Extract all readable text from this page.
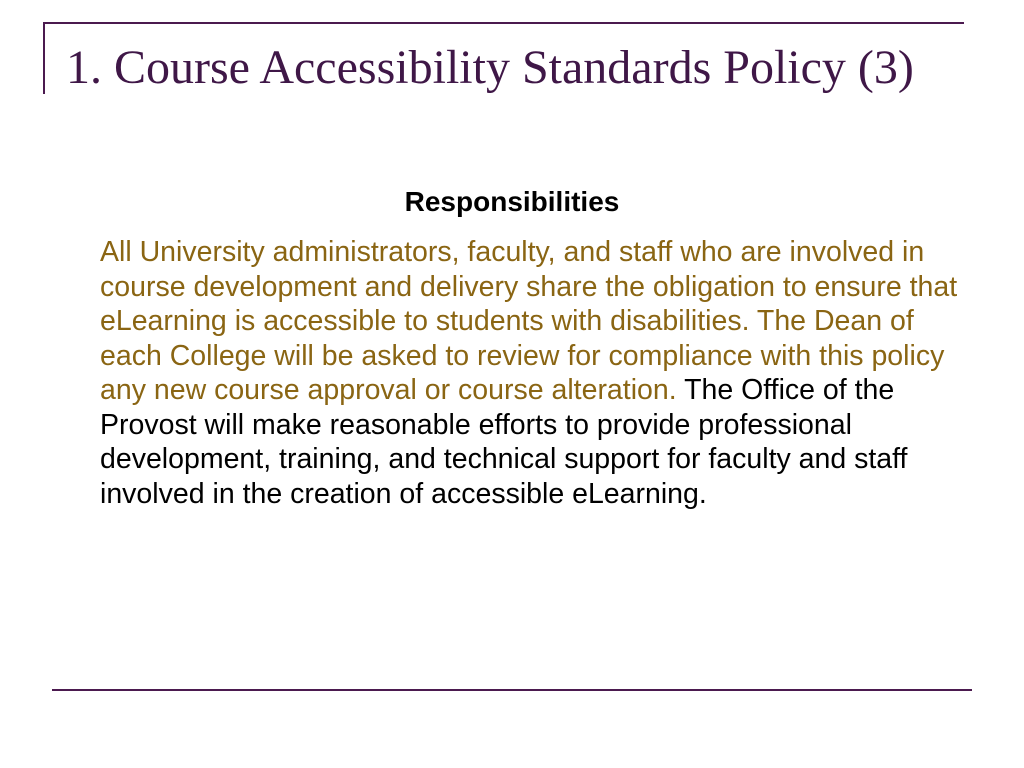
1. Course Accessibility Standards Policy (3)
Responsibilities

All University administrators, faculty, and staff who are involved in course development and delivery share the obligation to ensure that eLearning is accessible to students with disabilities. The Dean of each College will be asked to review for compliance with this policy any new course approval or course alteration. The Office of the Provost will make reasonable efforts to provide professional development, training, and technical support for faculty and staff involved in the creation of accessible eLearning.
